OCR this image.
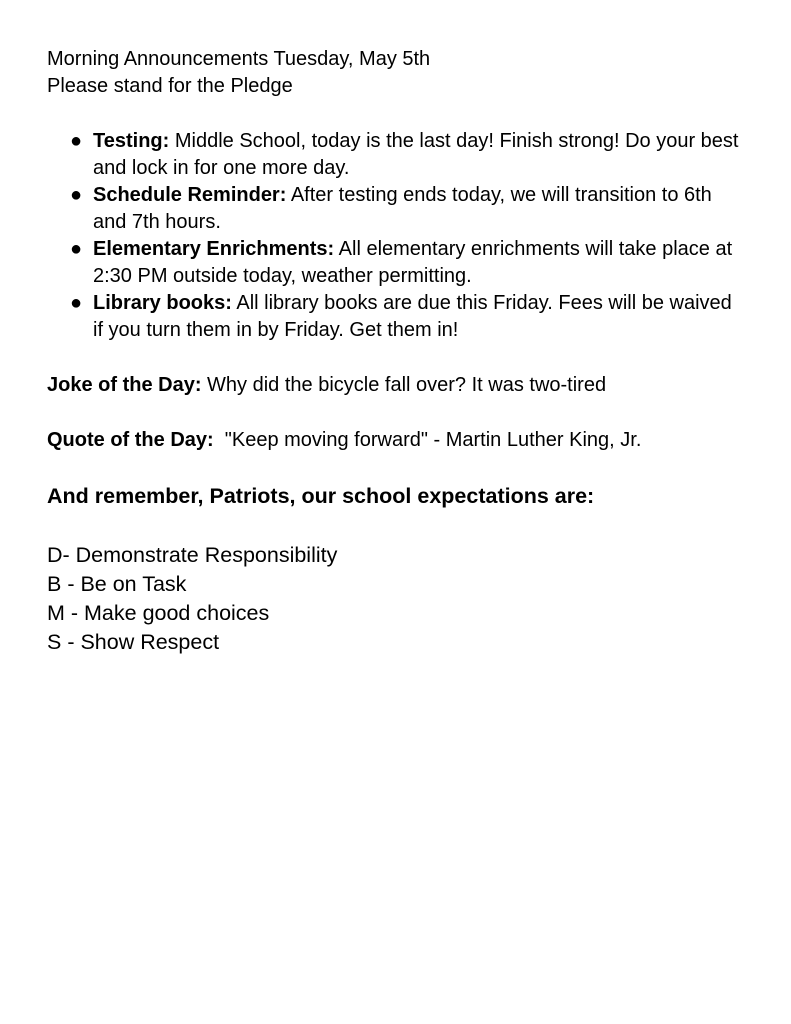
Morning Announcements Tuesday, May 5th

Please stand for the Pledge

● Testing: Middle School, today is the last day! Finish strong! Do your best and lock in for one more day.
● Schedule Reminder: After testing ends today, we will transition to 6th and 7th hours.
● Elementary Enrichments: All elementary enrichments will take place at 2:30 PM outside today, weather permitting.
● Library books: All library books are due this Friday. Fees will be waived if you turn them in by Friday. Get them in!

Joke of the Day: Why did the bicycle fall over? It was two-tired

Quote of the Day:  "Keep moving forward" - Martin Luther King, Jr.

And remember, Patriots, our school expectations are:

D- Demonstrate Responsibility

B - Be on Task

M - Make good choices

S - Show Respect
